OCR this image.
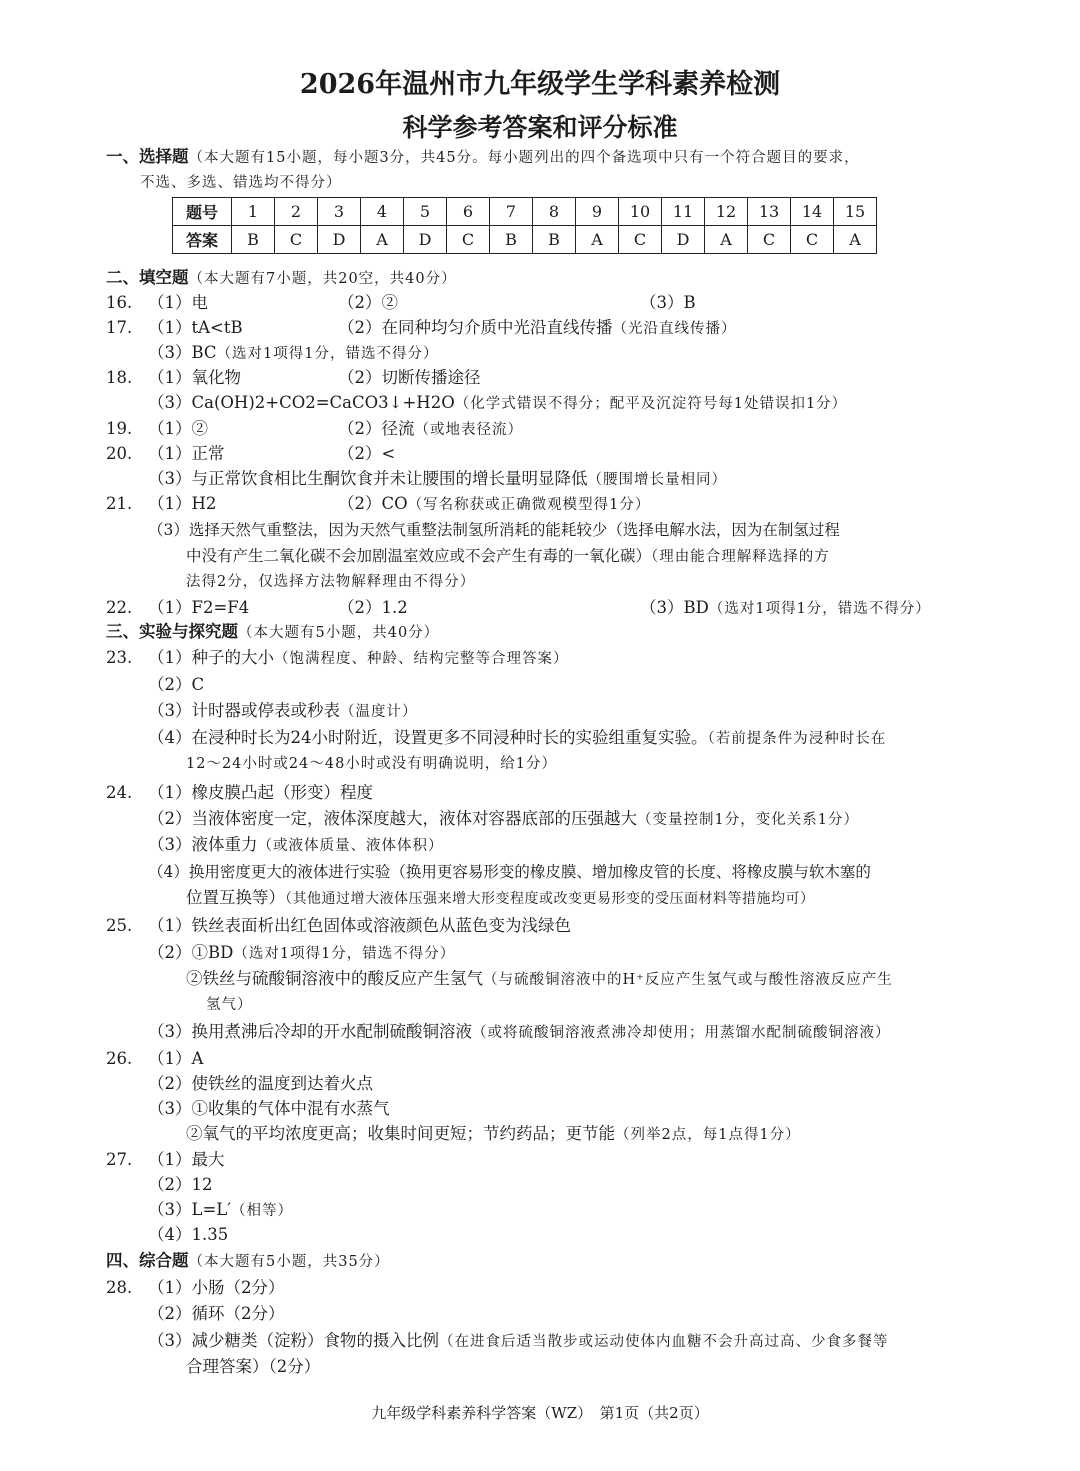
2026年温州市九年级学生学科素养检测
科学参考答案和评分标准
一、选择题（本大题有15小题，每小题3分，共45分。每小题列出的四个备选项中只有一个符合题目的要求，
不选、多选、错选均不得分）
题号	1	2	3	4	5	6	7	8	9	10	11	12	13	14	15
答案	B	C	D	A	D	C	B	B	A	C	D	A	C	C	A
二、填空题（本大题有7小题，共20空，共40分）
16. （1）电	（2）②	（3）B
17. （1）tA<tB	（2）在同种均匀介质中光沿直线传播（光沿直线传播）
（3）BC（选对1项得1分，错选不得分）
18. （1）氧化物	（2）切断传播途径
（3）Ca(OH)2+CO2=CaCO3↓+H2O（化学式错误不得分；配平及沉淀符号每1处错误扣1分）
19. （1）②	（2）径流（或地表径流）
20. （1）正常	（2）<
（3）与正常饮食相比生酮饮食并未让腰围的增长量明显降低（腰围增长量相同）
21. （1）H2	（2）CO（写名称获或正确微观模型得1分）
（3）选择天然气重整法，因为天然气重整法制氢所消耗的能耗较少（选择电解水法，因为在制氢过程
中没有产生二氧化碳不会加剧温室效应或不会产生有毒的一氧化碳）（理由能合理解释选择的方
法得2分，仅选择方法物解释理由不得分）
22. （1）F2=F4	（2）1.2	（3）BD（选对1项得1分，错选不得分）
三、实验与探究题（本大题有5小题，共40分）
23. （1）种子的大小（饱满程度、种龄、结构完整等合理答案）
（2）C
（3）计时器或停表或秒表（温度计）
（4）在浸种时长为24小时附近，设置更多不同浸种时长的实验组重复实验。（若前提条件为浸种时长在
12～24小时或24～48小时或没有明确说明，给1分）
24. （1）橡皮膜凸起（形变）程度
（2）当液体密度一定，液体深度越大，液体对容器底部的压强越大（变量控制1分，变化关系1分）
（3）液体重力（或液体质量、液体体积）
（4）换用密度更大的液体进行实验（换用更容易形变的橡皮膜、增加橡皮管的长度、将橡皮膜与软木塞的
位置互换等）（其他通过增大液体压强来增大形变程度或改变更易形变的受压面材料等措施均可）
25. （1）铁丝表面析出红色固体或溶液颜色从蓝色变为浅绿色
（2）①BD（选对1项得1分，错选不得分）
②铁丝与硫酸铜溶液中的酸反应产生氢气（与硫酸铜溶液中的H⁺反应产生氢气或与酸性溶液反应产生
氢气）
（3）换用煮沸后冷却的开水配制硫酸铜溶液（或将硫酸铜溶液煮沸冷却使用；用蒸馏水配制硫酸铜溶液）
26. （1）A
（2）使铁丝的温度到达着火点
（3）①收集的气体中混有水蒸气
②氧气的平均浓度更高；收集时间更短；节约药品；更节能（列举2点，每1点得1分）
27. （1）最大
（2）12
（3）L=L′（相等）
（4）1.35
四、综合题（本大题有5小题，共35分）
28. （1）小肠（2分）
（2）循环（2分）
（3）减少糖类（淀粉）食物的摄入比例（在进食后适当散步或运动使体内血糖不会升高过高、少食多餐等
合理答案）（2分）
九年级学科素养科学答案（WZ）　第1页（共2页）
